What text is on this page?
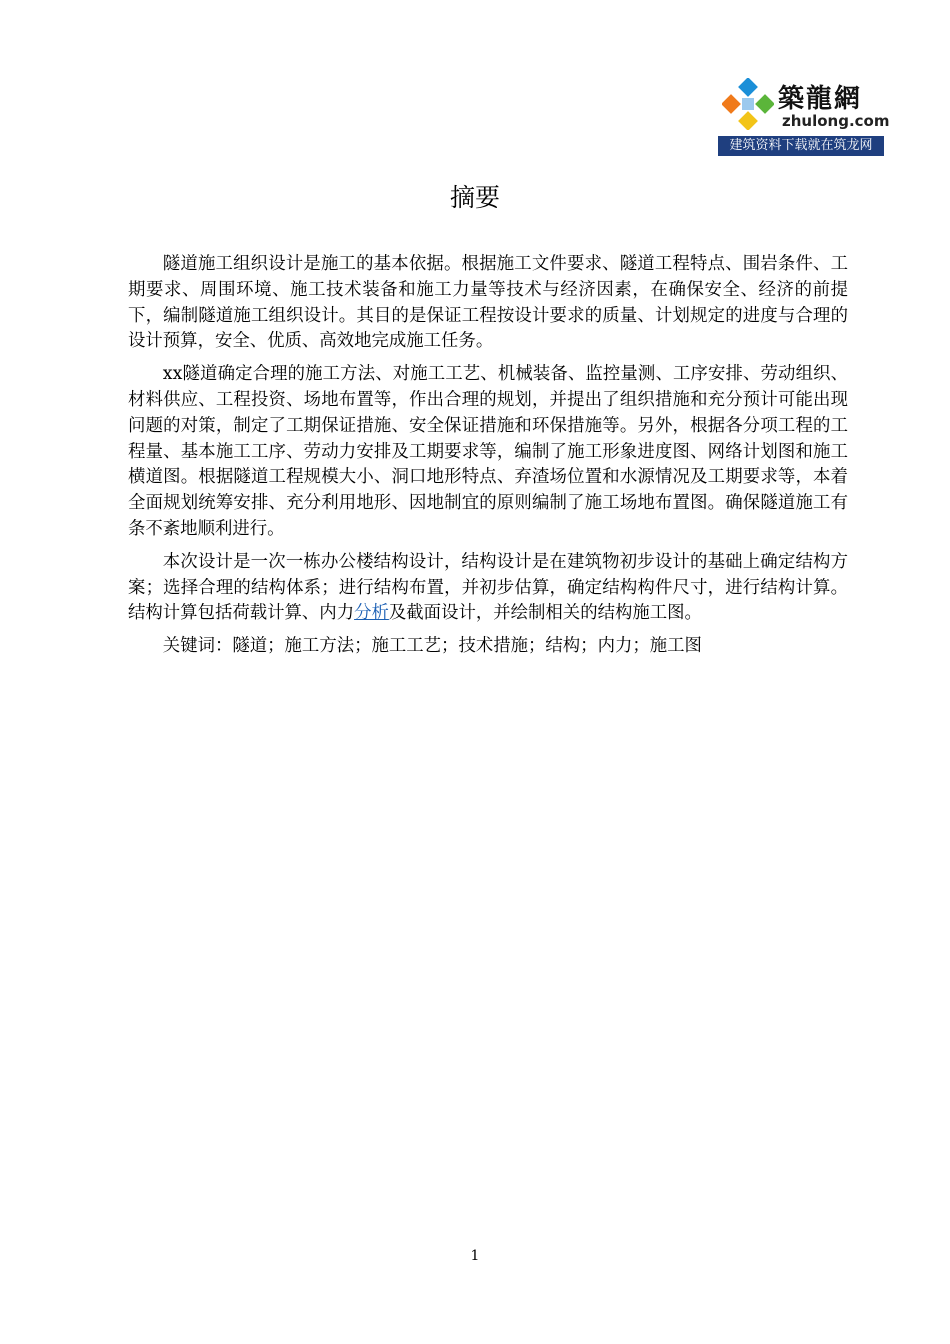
築龍網
zhulong.com
建筑资料下载就在筑龙网
摘要

隧道施工组织设计是施工的基本依据。根据施工文件要求、隧道工程特点、围岩条件、工期要求、周围环境、施工技术装备和施工力量等技术与经济因素，在确保安全、经济的前提下，编制隧道施工组织设计。其目的是保证工程按设计要求的质量、计划规定的进度与合理的设计预算，安全、优质、高效地完成施工任务。

xx隧道确定合理的施工方法、对施工工艺、机械装备、监控量测、工序安排、劳动组织、材料供应、工程投资、场地布置等，作出合理的规划，并提出了组织措施和充分预计可能出现问题的对策，制定了工期保证措施、安全保证措施和环保措施等。另外，根据各分项工程的工程量、基本施工工序、劳动力安排及工期要求等，编制了施工形象进度图、网络计划图和施工横道图。根据隧道工程规模大小、洞口地形特点、弃渣场位置和水源情况及工期要求等，本着全面规划统筹安排、充分利用地形、因地制宜的原则编制了施工场地布置图。确保隧道施工有条不紊地顺利进行。

本次设计是一次一栋办公楼结构设计，结构设计是在建筑物初步设计的基础上确定结构方案；选择合理的结构体系；进行结构布置，并初步估算，确定结构构件尺寸，进行结构计算。结构计算包括荷载计算、内力分析及截面设计，并绘制相关的结构施工图。

关键词：隧道；施工方法；施工工艺；技术措施；结构；内力；施工图

1
